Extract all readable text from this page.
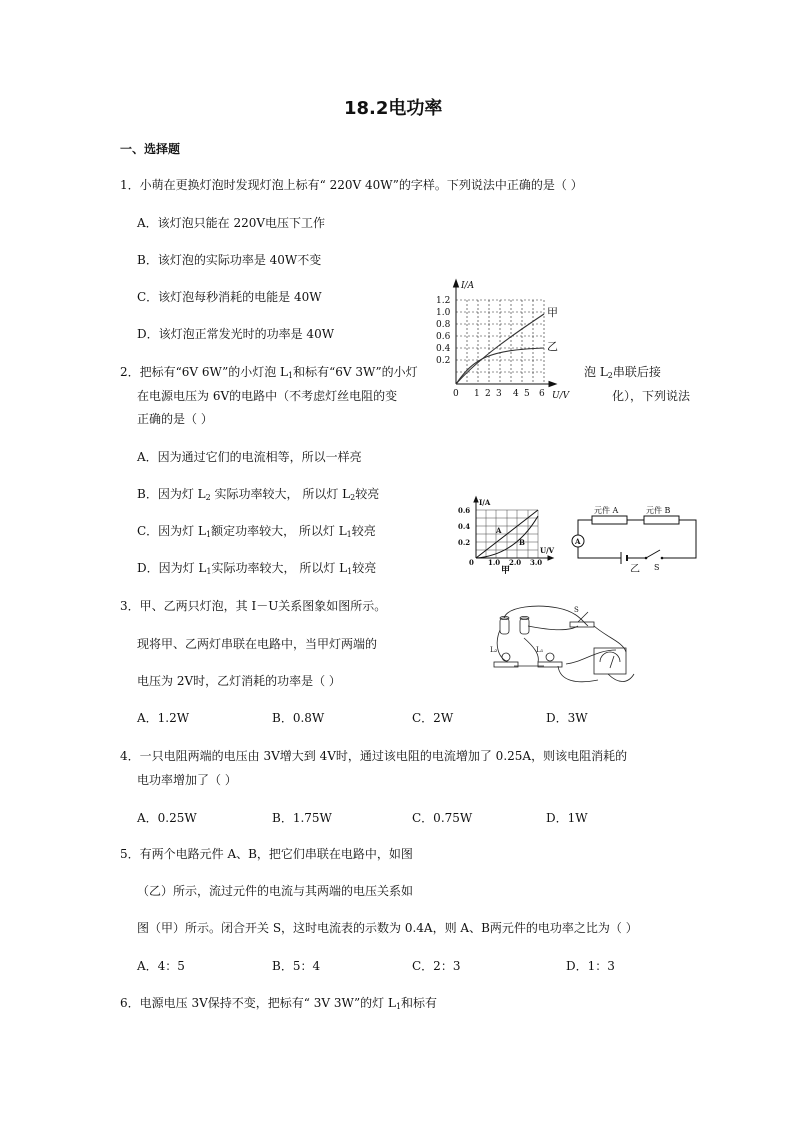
18.2电功率
一、选择题
1．小萌在更换灯泡时发现灯泡上标有“ 220V 40W”的字样。下列说法中正确的是（ ）
A．该灯泡只能在 220V电压下工作
B．该灯泡的实际功率是 40W不变
C．该灯泡每秒消耗的电能是 40W
D．该灯泡正常发光时的功率是 40W
2．把标有“6V 6W”的小灯泡 $L_1$和标有“6V 3W”的小灯	泡 $L_2$串联后接
在电源电压为 6V的电路中（不考虑灯丝电阻的变	化），下列说法
正确的是（ ）
A．因为通过它们的电流相等，所以一样亮
B．因为灯 $L_2$ 实际功率较大， 所以灯 $L_2$较亮
C．因为灯 $L_1$额定功率较大， 所以灯 $L_1$较亮
D．因为灯 $L_1$实际功率较大， 所以灯 $L_1$较亮
3．甲、乙两只灯泡，其 I－U关系图象如图所示。
现将甲、乙两灯串联在电路中，当甲灯两端的
电压为 2V时，乙灯消耗的功率是（ ）
A．1.2W	B．0.8W	C．2W	D．3W
4．一只电阻两端的电压由 3V增大到 4V时，通过该电阻的电流增加了 0.25A，则该电阻消耗的
电功率增加了（ ）
A．0.25W	B．1.75W	C．0.75W	D．1W
5．有两个电路元件 A、B，把它们串联在电路中，如图
（乙）所示，流过元件的电流与其两端的电压关系如
图（甲）所示。闭合开关 S，这时电流表的示数为 0.4A，则 A、B两元件的电功率之比为（ ）
A．4：5	B．5：4	C．2：3	D．1：3
6．电源电压 3V保持不变，把标有“ 3V 3W”的灯 $L_1$和标有
I/A
U/V
1.2
1.0
0.8
0.6
0.4
0.2
0 1 2 3 4 5 6
甲
乙
I/A
U/V
0.6
0.4
0.2
0 1.0 2.0 3.0
A
B
甲
元件 A	元件 B
A
S
乙
S
L₂	L₁
